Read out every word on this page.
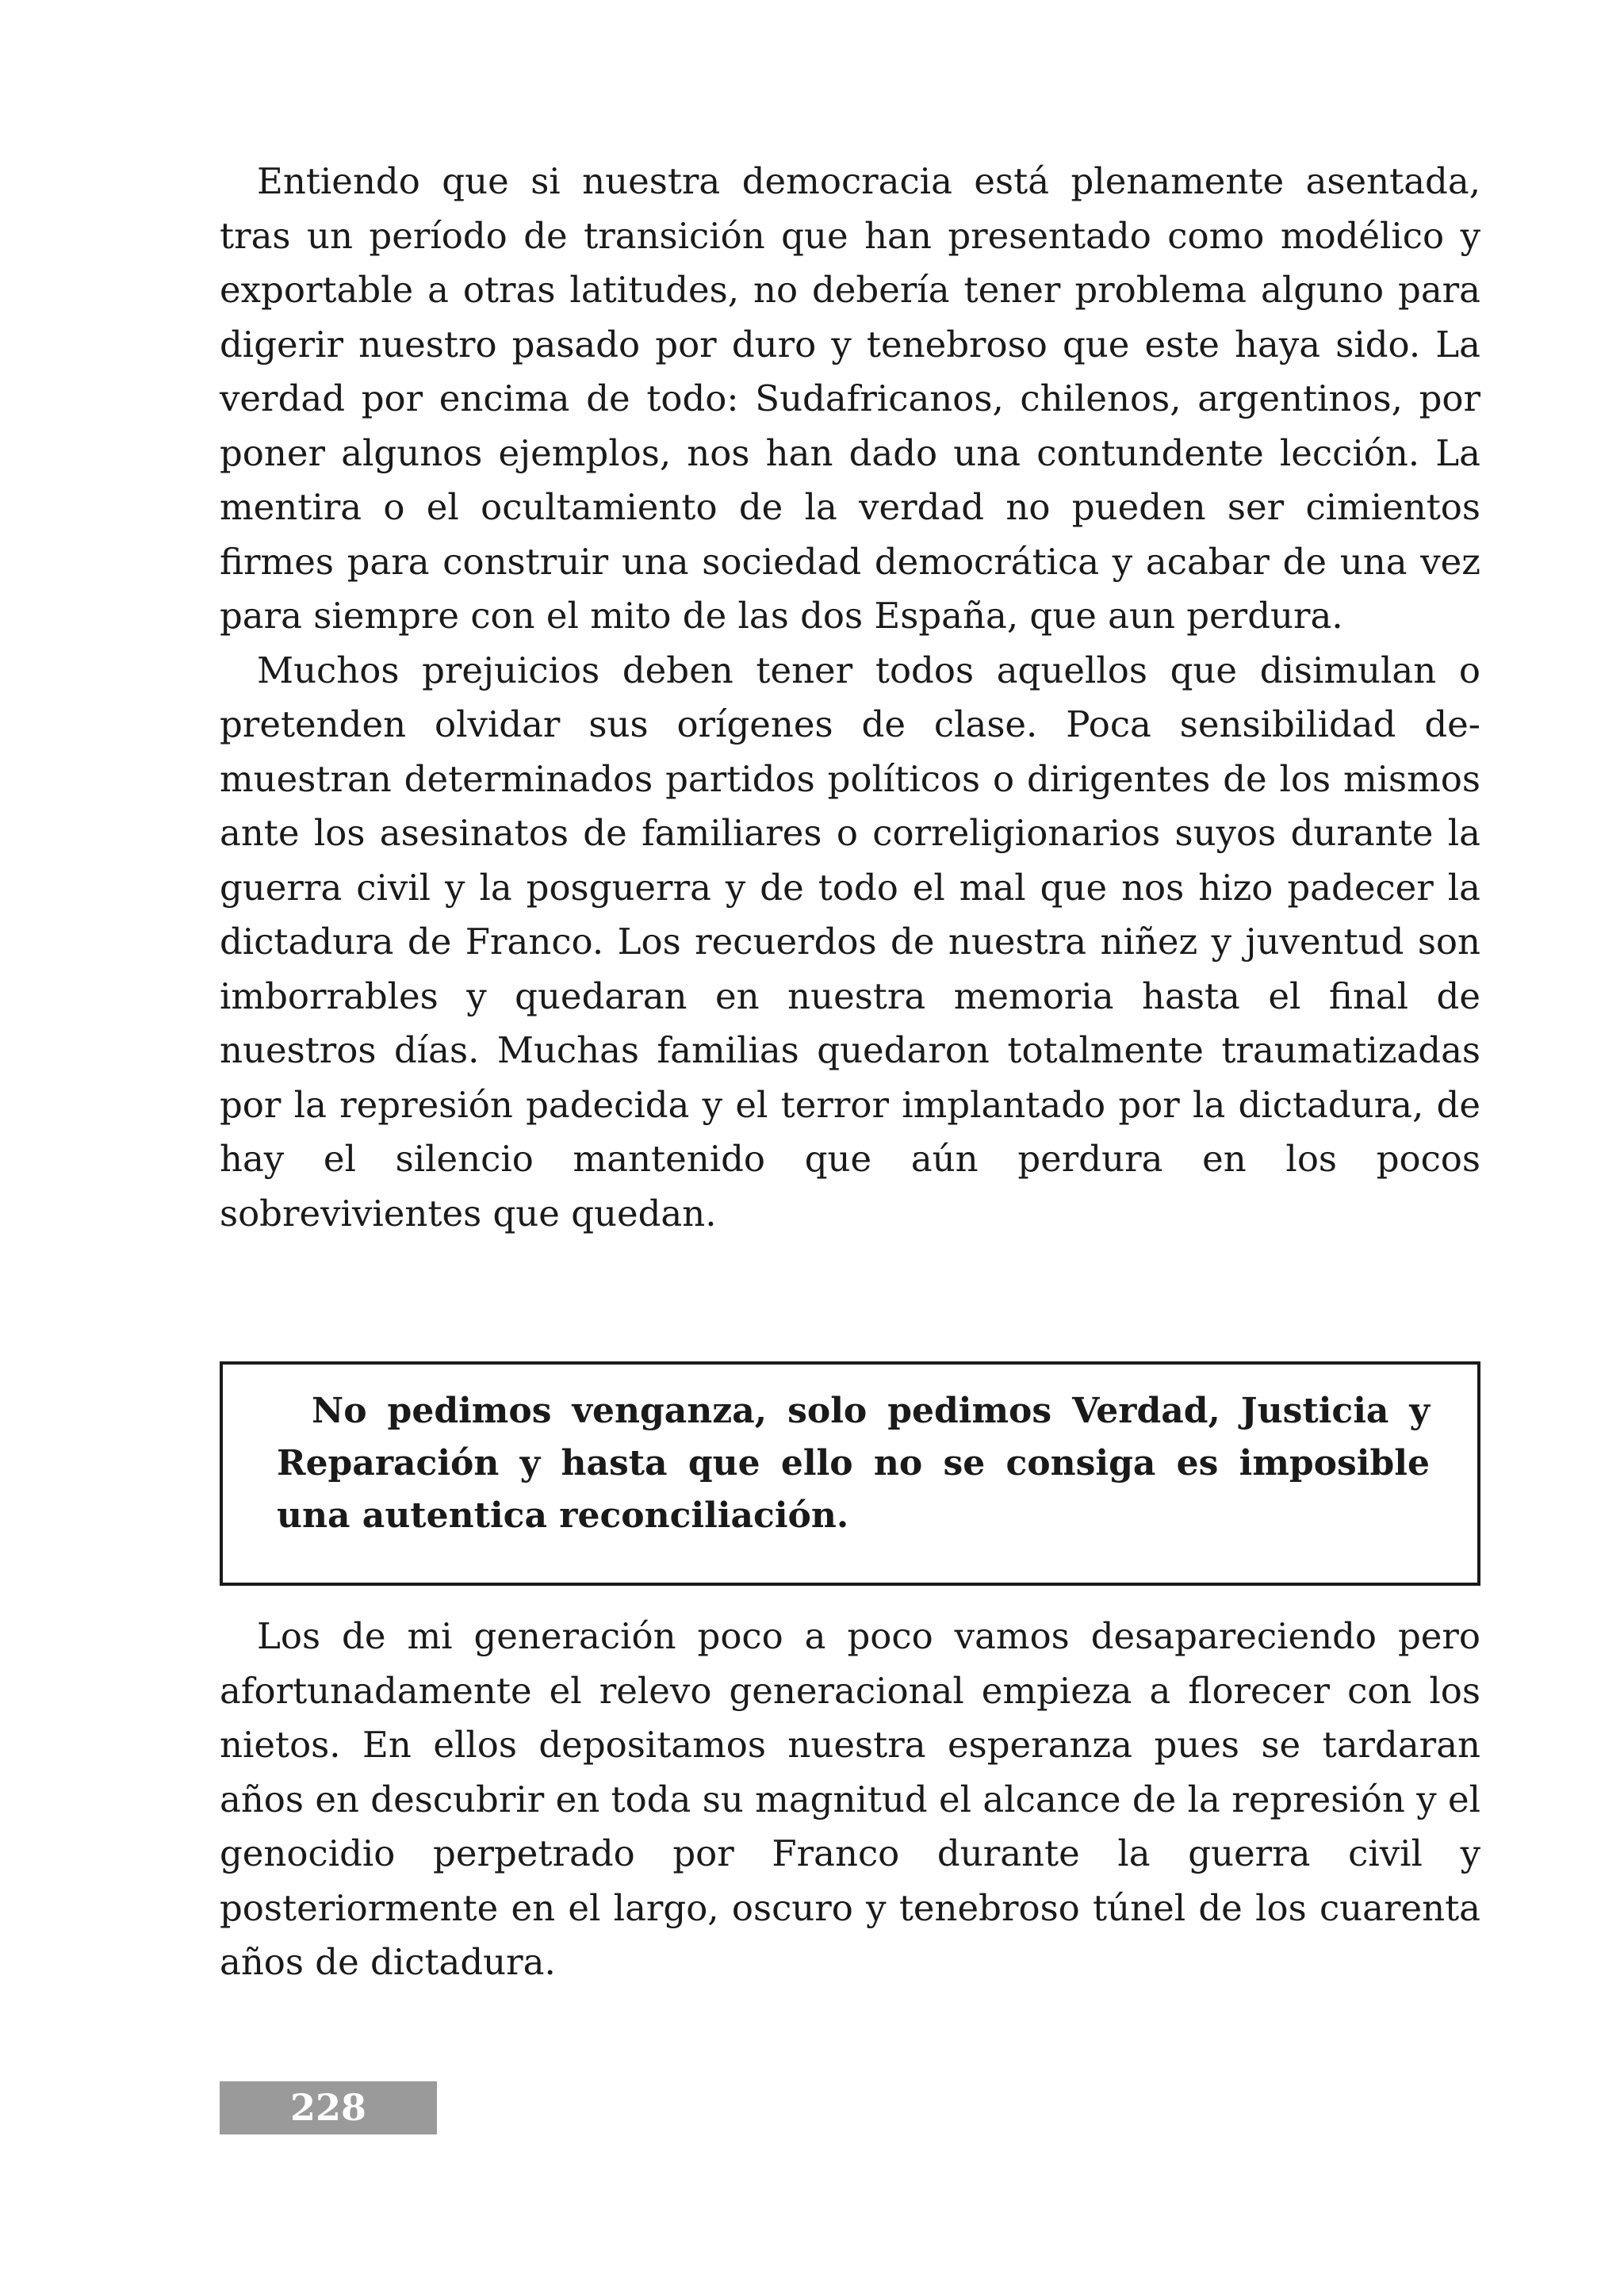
Entiendo que si nuestra democracia está plenamente asentada, tras un período de transición que han presentado como modélico y exportable a otras latitudes, no debería tener problema alguno para digerir nuestro pasado por duro y tenebroso que este haya sido. La verdad por encima de todo: Sudafricanos, chilenos, argentinos, por poner algunos ejemplos, nos han dado una contundente lección. La mentira o el ocultamiento de la verdad no pueden ser cimientos firmes para construir una sociedad democrática y acabar de una vez para siempre con el mito de las dos España, que aun perdura.

Muchos prejuicios deben tener todos aquellos que disimulan o pretenden olvidar sus orígenes de clase. Poca sensibilidad demuestran determinados partidos políticos o dirigentes de los mismos ante los asesinatos de familiares o correligionarios suyos durante la guerra civil y la posguerra y de todo el mal que nos hizo padecer la dictadura de Franco. Los recuerdos de nuestra niñez y juventud son imborrables y quedaran en nuestra memoria hasta el final de nuestros días. Muchas familias quedaron totalmente traumatizadas por la represión padecida y el terror implantado por la dictadura, de hay el silencio mantenido que aún perdura en los pocos sobrevivientes que quedan.

No pedimos venganza, solo pedimos Verdad, Justicia y Reparación y hasta que ello no se consiga es imposible una autentica reconciliación.

Los de mi generación poco a poco vamos desapareciendo pero afortunadamente el relevo generacional empieza a florecer con los nietos. En ellos depositamos nuestra esperanza pues se tardaran años en descubrir en toda su magnitud el alcance de la represión y el genocidio perpetrado por Franco durante la guerra civil y posteriormente en el largo, oscuro y tenebroso túnel de los cuarenta años de dictadura.

228
